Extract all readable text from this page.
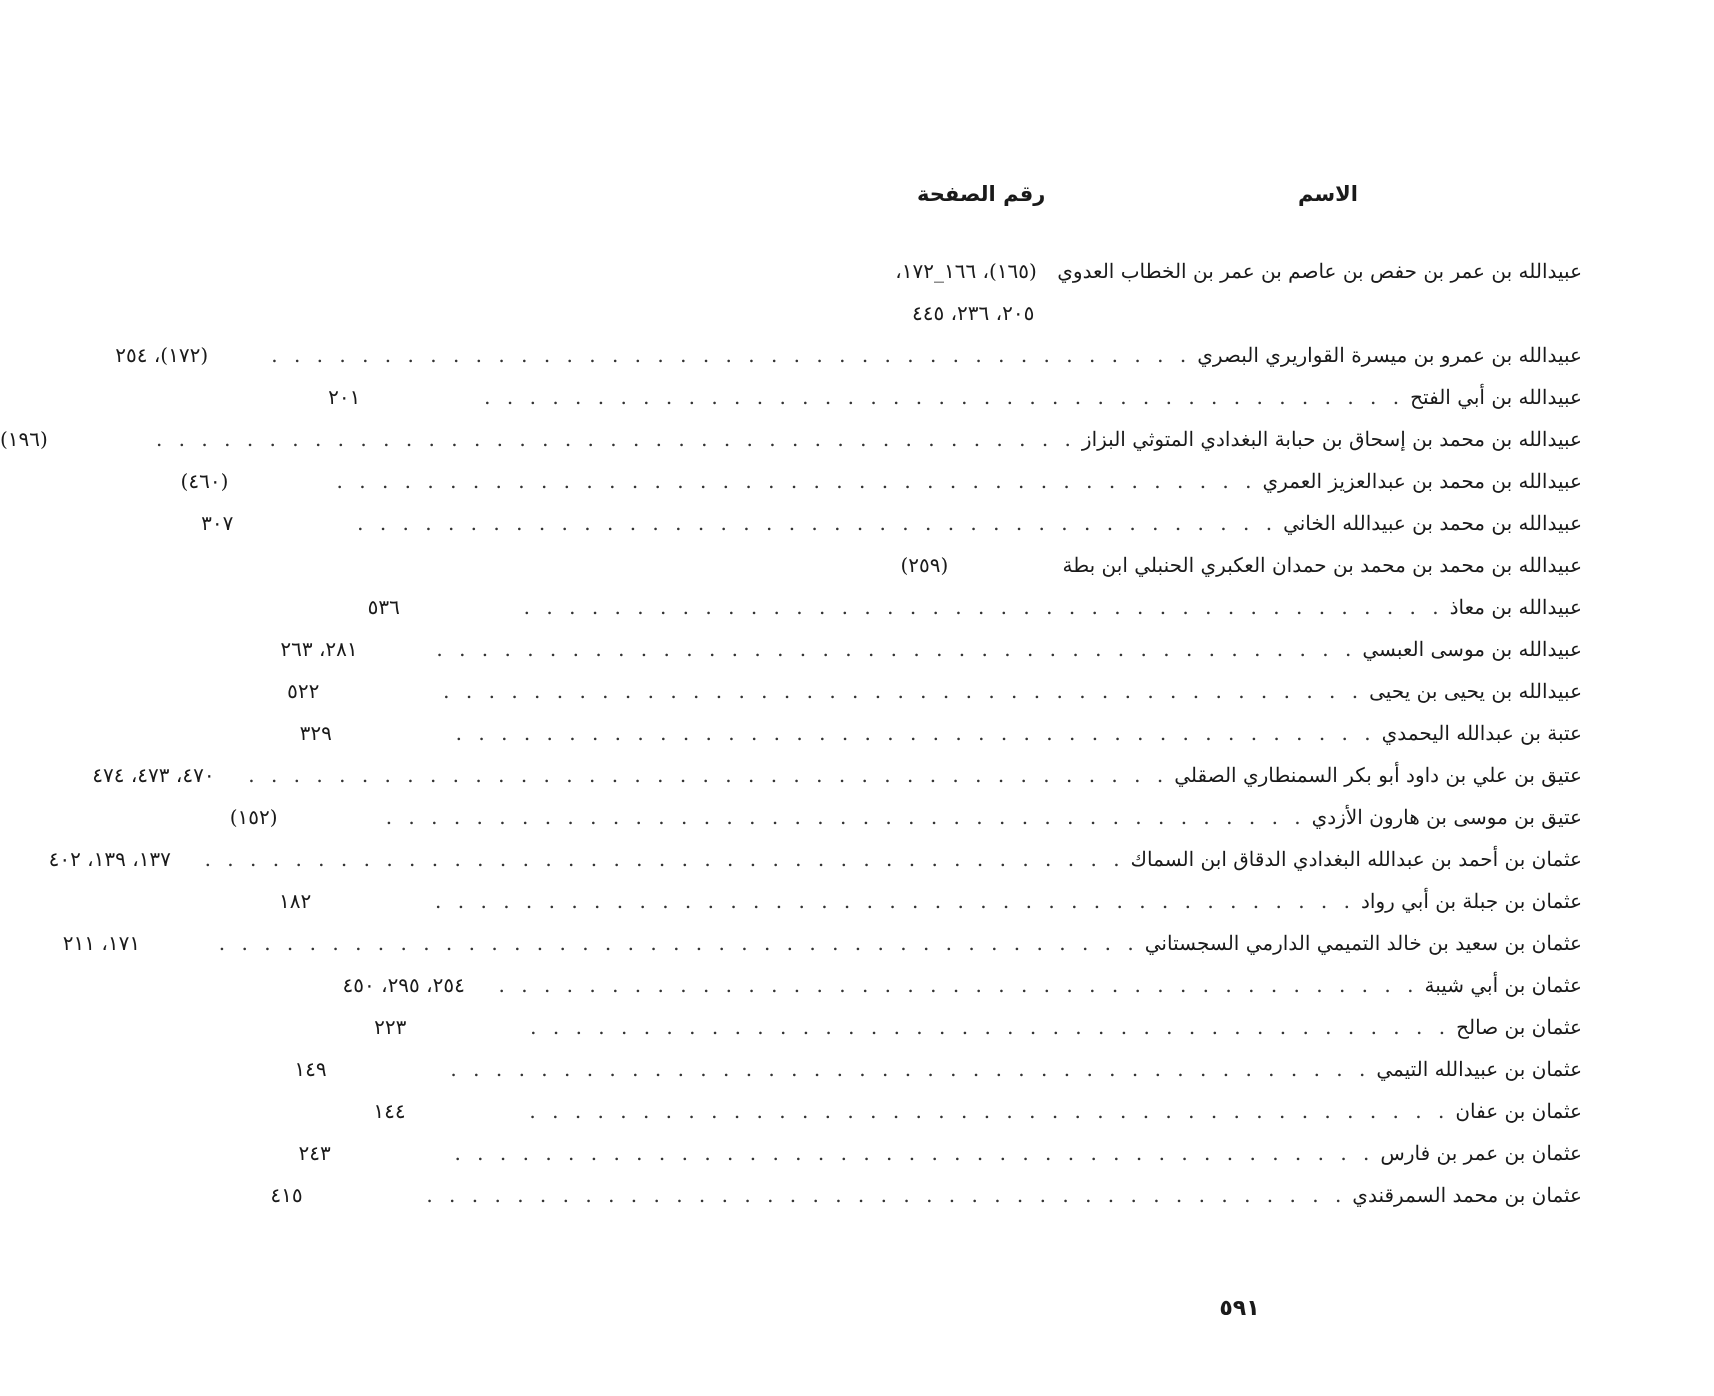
الاسم
رقم الصفحة
عبيدالله بن عمر بن حفص بن عاصم بن عمر بن الخطاب العدوي
(١٦٥)، ١٦٦_١٧٢،
٢٠٥، ٢٣٦، ٤٤٥
عبيدالله بن عمرو بن ميسرة القواريري البصري
. . . . . . . . . . . . . . . . . . . . . . . . . . . . . . . . . . . . . . . . .
(١٧٢)، ٢٥٤
عبيدالله بن أبي الفتح
. . . . . . . . . . . . . . . . . . . . . . . . . . . . . . . . . . . . . . . . .
٢٠١
عبيدالله بن محمد بن إسحاق بن حبابة البغدادي المتوثي البزاز
. . . . . . . . . . . . . . . . . . . . . . . . . . . . . . . . . . . . . . . . .
(١٩٦)
عبيدالله بن محمد بن عبدالعزيز العمري
. . . . . . . . . . . . . . . . . . . . . . . . . . . . . . . . . . . . . . . . .
(٤٦٠)
عبيدالله بن محمد بن عبيدالله الخاني
. . . . . . . . . . . . . . . . . . . . . . . . . . . . . . . . . . . . . . . . .
٣٠٧
عبيدالله بن محمد بن محمد بن حمدان العكبري الحنبلي ابن بطة
(٢٥٩)
عبيدالله بن معاذ
. . . . . . . . . . . . . . . . . . . . . . . . . . . . . . . . . . . . . . . . .
٥٣٦
عبيدالله بن موسى العبسي
. . . . . . . . . . . . . . . . . . . . . . . . . . . . . . . . . . . . . . . . .
٢٨١، ٢٦٣
عبيدالله بن يحيى بن يحيى
. . . . . . . . . . . . . . . . . . . . . . . . . . . . . . . . . . . . . . . . .
٥٢٢
عتبة بن عبدالله اليحمدي
. . . . . . . . . . . . . . . . . . . . . . . . . . . . . . . . . . . . . . . . .
٣٢٩
عتيق بن علي بن داود أبو بكر السمنطاري الصقلي
. . . . . . . . . . . . . . . . . . . . . . . . . . . . . . . . . . . . . . . . .
٤٧٠، ٤٧٣، ٤٧٤
عتيق بن موسى بن هارون الأزدي
. . . . . . . . . . . . . . . . . . . . . . . . . . . . . . . . . . . . . . . . .
(١٥٢)
عثمان بن أحمد بن عبدالله البغدادي الدقاق ابن السماك
. . . . . . . . . . . . . . . . . . . . . . . . . . . . . . . . . . . . . . . . .
١٣٧، ١٣٩، ٤٠٢
عثمان بن جبلة بن أبي رواد
. . . . . . . . . . . . . . . . . . . . . . . . . . . . . . . . . . . . . . . . .
١٨٢
عثمان بن سعيد بن خالد التميمي الدارمي السجستاني
. . . . . . . . . . . . . . . . . . . . . . . . . . . . . . . . . . . . . . . . .
١٧١، ٢١١
عثمان بن أبي شيبة
. . . . . . . . . . . . . . . . . . . . . . . . . . . . . . . . . . . . . . . . .
٢٥٤، ٢٩٥، ٤٥٠
عثمان بن صالح
. . . . . . . . . . . . . . . . . . . . . . . . . . . . . . . . . . . . . . . . .
٢٢٣
عثمان بن عبيدالله التيمي
. . . . . . . . . . . . . . . . . . . . . . . . . . . . . . . . . . . . . . . . .
١٤٩
عثمان بن عفان
. . . . . . . . . . . . . . . . . . . . . . . . . . . . . . . . . . . . . . . . .
١٤٤
عثمان بن عمر بن فارس
. . . . . . . . . . . . . . . . . . . . . . . . . . . . . . . . . . . . . . . . .
٢٤٣
عثمان بن محمد السمرقندي
. . . . . . . . . . . . . . . . . . . . . . . . . . . . . . . . . . . . . . . . .
٤١٥
٥٩١
